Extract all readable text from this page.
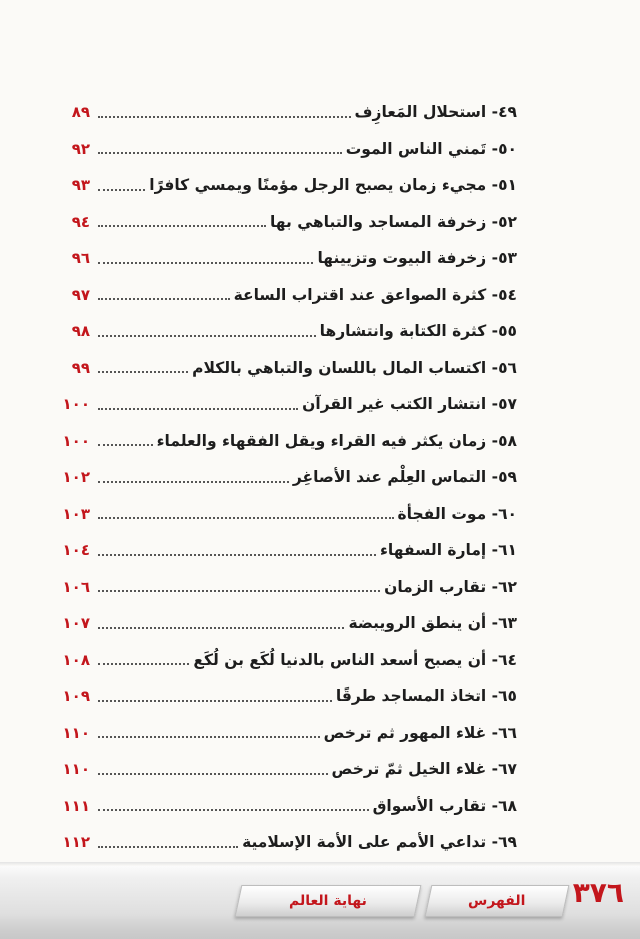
٤٩- استحلال المَعازِف
٨٩
٥٠- تَمني الناس الموت
٩٢
٥١- مجيء زمان يصبح الرجل مؤمنًا ويمسي كافرًا
٩٣
٥٢- زخرفة المساجد والتباهي بها
٩٤
٥٣- زخرفة البيوت وتزيينها
٩٦
٥٤- كثرة الصواعق عند اقتراب الساعة
٩٧
٥٥- كثرة الكتابة وانتشارها
٩٨
٥٦- اكتساب المال باللسان والتباهي بالكلام
٩٩
٥٧- انتشار الكتب غير القرآن
١٠٠
٥٨- زمان يكثر فيه القراء ويقل الفقهاء والعلماء
١٠٠
٥٩- التماس العِلْم عند الأصاغِر
١٠٢
٦٠- موت الفجأة
١٠٣
٦١- إمارة السفهاء
١٠٤
٦٢- تقارب الزمان
١٠٦
٦٣- أن ينطق الرويبضة
١٠٧
٦٤- أن يصبح أسعد الناس بالدنيا لُكَع بن لُكَع
١٠٨
٦٥- اتخاذ المساجد طرقًا
١٠٩
٦٦- غلاء المهور ثم ترخص
١١٠
٦٧- غلاء الخيل ثمّ ترخص
١١٠
٦٨- تقارب الأسواق
١١١
٦٩- تداعي الأمم على الأمة الإسلامية
١١٢
نهاية العالم	الفهرس ٣٧٦
